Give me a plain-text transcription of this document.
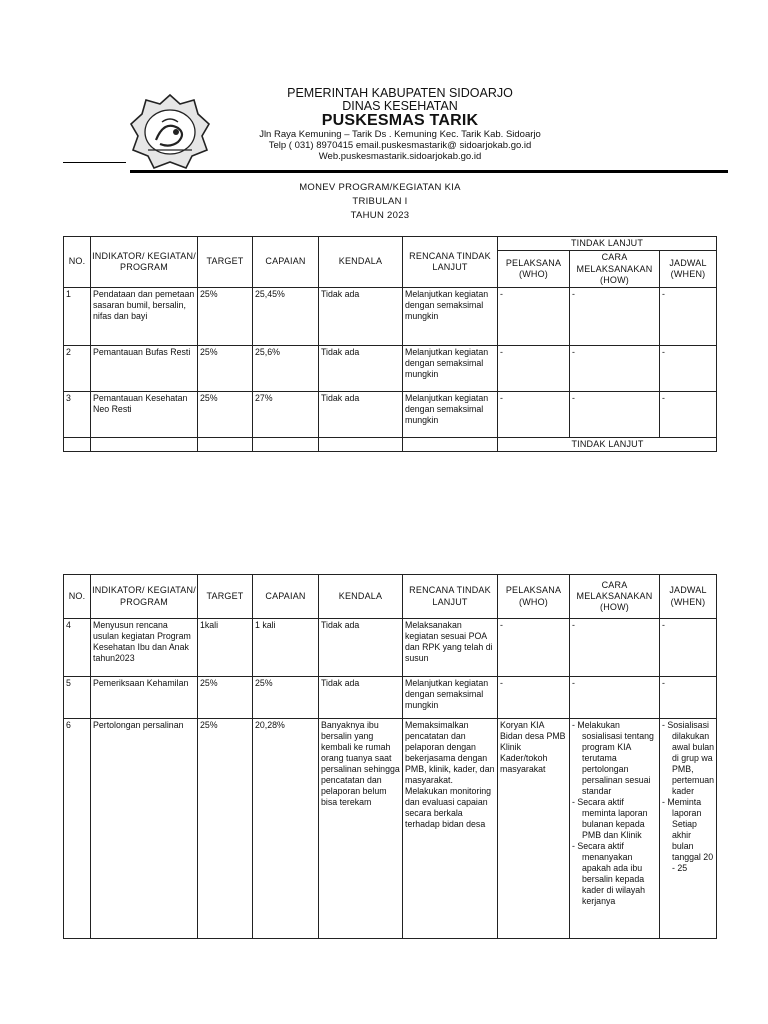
PEMERINTAH KABUPATEN SIDOARJO
DINAS KESEHATAN
PUSKESMAS TARIK
Jln Raya Kemuning – Tarik Ds . Kemuning Kec. Tarik Kab. Sidoarjo
Telp ( 031) 8970415 email.puskesmastarik@ sidoarjokab.go.id
Web.puskesmastarik.sidoarjokab.go.id
MONEV PROGRAM/KEGIATAN KIA
TRIBULAN I
TAHUN 2023
NO.	INDIKATOR/ KEGIATAN/ PROGRAM	TARGET	CAPAIAN	KENDALA	RENCANA TINDAK LANJUT	TINDAK LANJUT		
						PELAKSANA (WHO)	CARA MELAKSANAKAN (HOW)	JADWAL (WHEN)
1	Pendataan dan pemetaan sasaran bumil, bersalin, nifas dan bayi	25%	25,45%	Tidak ada	Melanjutkan kegiatan dengan semaksimal mungkin	-	-	-
2	Pemantauan Bufas Resti	25%	25,6%	Tidak ada	Melanjutkan kegiatan dengan semaksimal mungkin	-	-	-
3	Pemantauan Kesehatan Neo Resti	25%	27%	Tidak ada	Melanjutkan kegiatan dengan semaksimal mungkin	-	-	-
						TINDAK LANJUT		
NO.	INDIKATOR/ KEGIATAN/ PROGRAM	TARGET	CAPAIAN	KENDALA	RENCANA TINDAK LANJUT	PELAKSANA (WHO)	CARA MELAKSANAKAN (HOW)	JADWAL (WHEN)
4	Menyusun rencana usulan kegiatan Program Kesehatan Ibu dan Anak tahun2023	1kali	1 kali	Tidak ada	Melaksanakan kegiatan sesuai POA dan RPK yang telah di susun	-	-	-
5	Pemeriksaan Kehamilan	25%	25%	Tidak ada	Melanjutkan kegiatan dengan semaksimal mungkin	-	-	-
6	Pertolongan persalinan	25%	20,28%	Banyaknya ibu bersalin yang kembali ke rumah orang tuanya saat persalinan sehingga pencatatan dan pelaporan belum bisa terekam	Memaksimalkan pencatatan dan pelaporan dengan bekerjasama dengan PMB, klinik, kader, dan masyarakat. Melakukan monitoring dan evaluasi capaian secara berkala terhadap bidan desa	Koryan KIA Bidan desa PMB Klinik Kader/tokoh masyarakat	- Melakukan sosialisasi tentang program KIA terutama pertolongan persalinan sesuai standar
- Secara aktif meminta laporan bulanan kepada PMB dan Klinik
- Secara aktif menanyakan apakah ada ibu bersalin kepada kader di wilayah kerjanya	- Sosialisasi dilakukan awal bulan di grup wa PMB, pertemuan kader
- Meminta laporan Setiap akhir bulan tanggal 20 - 25
